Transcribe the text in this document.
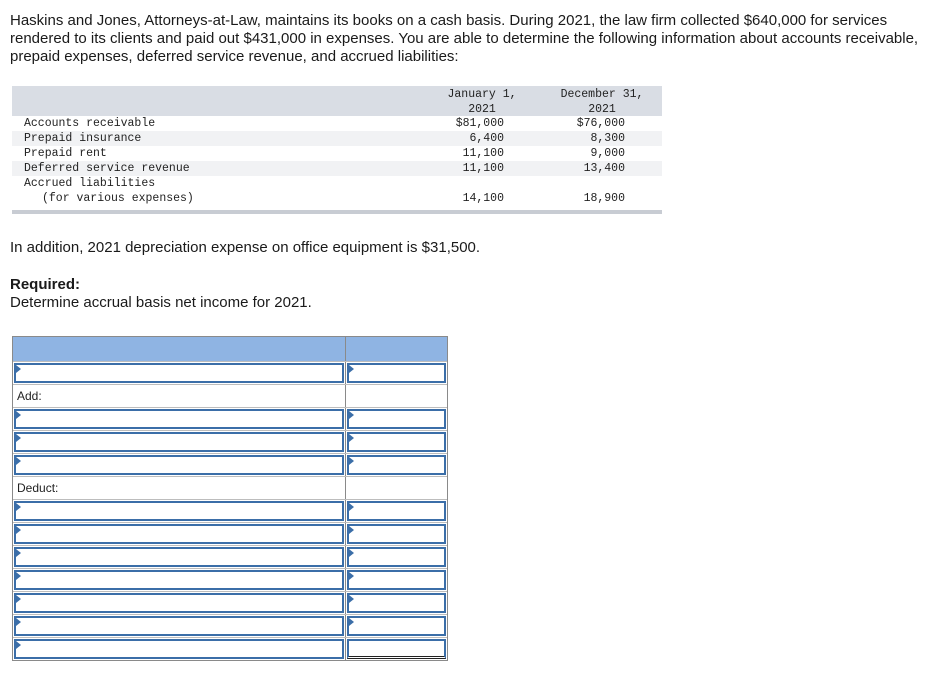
Haskins and Jones, Attorneys-at-Law, maintains its books on a cash basis. During 2021, the law firm collected $640,000 for services rendered to its clients and paid out $431,000 in expenses. You are able to determine the following information about accounts receivable, prepaid expenses, deferred service revenue, and accrued liabilities:

January 1,
2021
December 31,
2021
Accounts receivable	$81,000	$76,000
Prepaid insurance	6,400	8,300
Prepaid rent	11,100	9,000
Deferred service revenue	11,100	13,400
Accrued liabilities
(for various expenses)	14,100	18,900

In addition, 2021 depreciation expense on office equipment is $31,500.

Required:

Determine accrual basis net income for 2021.

Add:
Deduct:
